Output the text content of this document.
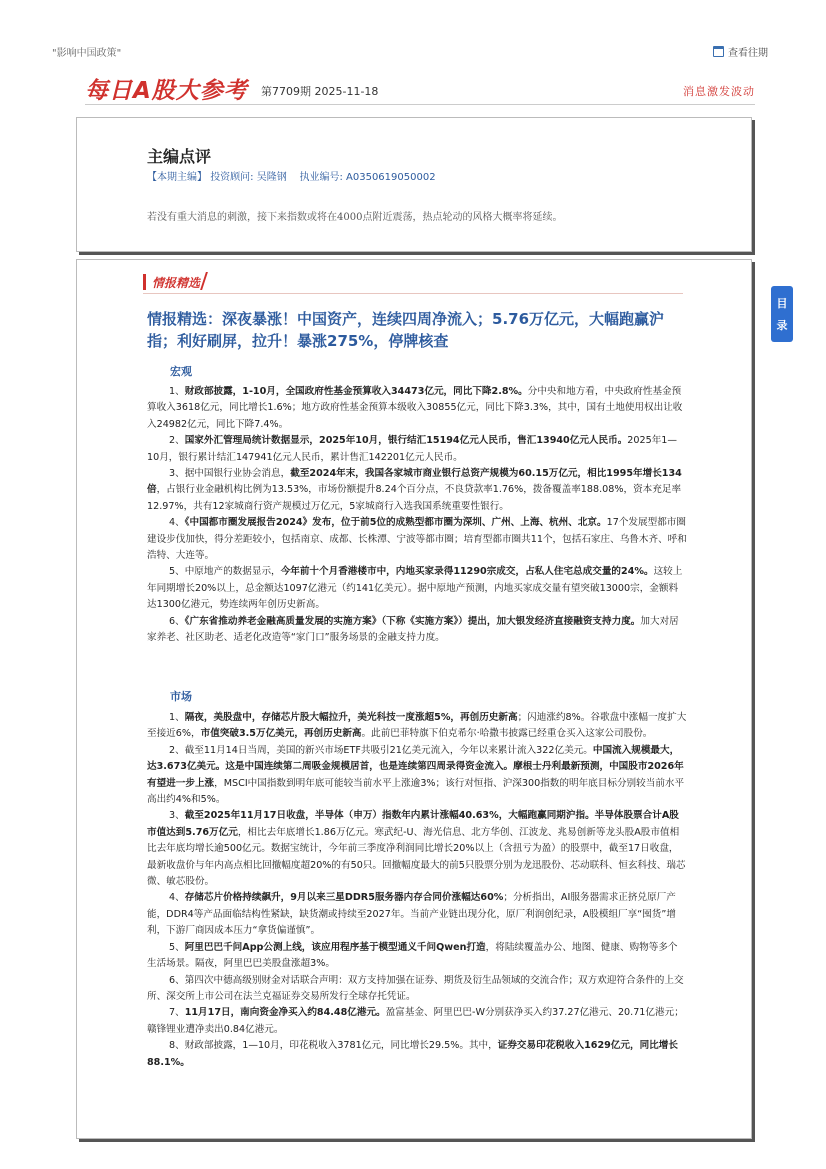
"影响中国政策"	查看往期
每日A股大参考 第7709期 2025-11-18	消息激发波动
主编点评
【本期主编】 投资顾问: 吴隆钢 执业编号: A0350619050002
若没有重大消息的刺激，接下来指数或将在4000点附近震荡，热点轮动的风格大概率将延续。
情报精选
情报精选：深夜暴涨！中国资产，连续四周净流入；5.76万亿元，大幅跑赢沪指；利好刷屏，拉升！暴涨275%，停牌核查
宏观

1、财政部披露，1-10月，全国政府性基金预算收入34473亿元，同比下降2.8%。分中央和地方看，中央政府性基金预算收入3618亿元，同比增长1.6%；地方政府性基金预算本级收入30855亿元，同比下降3.3%，其中，国有土地使用权出让收入24982亿元，同比下降7.4%。

2、国家外汇管理局统计数据显示，2025年10月，银行结汇15194亿元人民币，售汇13940亿元人民币。2025年1—10月，银行累计结汇147941亿元人民币，累计售汇142201亿元人民币。

3、据中国银行业协会消息，截至2024年末，我国各家城市商业银行总资产规模为60.15万亿元，相比1995年增长134倍，占银行业金融机构比例为13.53%，市场份额提升8.24个百分点，不良贷款率1.76%，拨备覆盖率188.08%，资本充足率12.97%，共有12家城商行资产规模过万亿元，5家城商行入选我国系统重要性银行。

4、《中国都市圈发展报告2024》发布，位于前5位的成熟型都市圈为深圳、广州、上海、杭州、北京。17个发展型都市圈建设步伐加快，得分差距较小，包括南京、成都、长株潭、宁波等都市圈；培育型都市圈共11个，包括石家庄、乌鲁木齐、呼和浩特、大连等。

5、中原地产的数据显示，今年前十个月香港楼市中，内地买家录得11290宗成交，占私人住宅总成交量的24%。这较上年同期增长20%以上，总金额达1097亿港元（约141亿美元）。据中原地产预测，内地买家成交量有望突破13000宗，金额料达1300亿港元，势连续两年创历史新高。

6、《广东省推动养老金融高质量发展的实施方案》（下称《实施方案》）提出，加大银发经济直接融资支持力度。加大对居家养老、社区助老、适老化改造等“家门口”服务场景的金融支持力度。

市场

1、隔夜，美股盘中，存储芯片股大幅拉升，美光科技一度涨超5%，再创历史新高；闪迪涨约8%。谷歌盘中涨幅一度扩大至接近6%，市值突破3.5万亿美元，再创历史新高。此前巴菲特旗下伯克希尔·哈撒韦披露已经重仓买入这家公司股份。

2、截至11月14日当周，美国的新兴市场ETF共吸引21亿美元流入，今年以来累计流入322亿美元。中国流入规模最大，达3.673亿美元。这是中国连续第二周吸金规模居首，也是连续第四周录得资金流入。摩根士丹利最新预测，中国股市2026年有望进一步上涨，MSCI中国指数到明年底可能较当前水平上涨逾3%；该行对恒指、沪深300指数的明年底目标分别较当前水平高出约4%和5%。

3、截至2025年11月17日收盘，半导体（申万）指数年内累计涨幅40.63%，大幅跑赢同期沪指。半导体股票合计A股市值达到5.76万亿元，相比去年底增长1.86万亿元。寒武纪-U、海光信息、北方华创、江波龙、兆易创新等龙头股A股市值相比去年底均增长逾500亿元。数据宝统计，今年前三季度净利润同比增长20%以上（含扭亏为盈）的股票中，截至17日收盘，最新收盘价与年内高点相比回撤幅度超20%的有50只。回撤幅度最大的前5只股票分别为龙迅股份、芯动联科、恒玄科技、瑞芯微、敏芯股份。

4、存储芯片价格持续飙升，9月以来三星DDR5服务器内存合同价涨幅达60%；分析指出，AI服务器需求正挤兑原厂产能，DDR4等产品面临结构性紧缺，缺货潮或持续至2027年。当前产业链出现分化，原厂利润创纪录，A股模组厂享“囤货”增利，下游厂商因成本压力“拿货偏谨慎”。

5、阿里巴巴千问App公测上线，该应用程序基于模型通义千问Qwen打造，将陆续覆盖办公、地图、健康、购物等多个生活场景。隔夜，阿里巴巴美股盘涨超3%。

6、第四次中德高级别财金对话联合声明：双方支持加强在证券、期货及衍生品领域的交流合作；双方欢迎符合条件的上交所、深交所上市公司在法兰克福证券交易所发行全球存托凭证。

7、11月17日，南向资金净买入约84.48亿港元。盈富基金、阿里巴巴-W分别获净买入约37.27亿港元、20.71亿港元；赣锋锂业遭净卖出0.84亿港元。

8、财政部披露，1—10月，印花税收入3781亿元，同比增长29.5%。其中，证券交易印花税收入1629亿元，同比增长88.1%。

目
录
